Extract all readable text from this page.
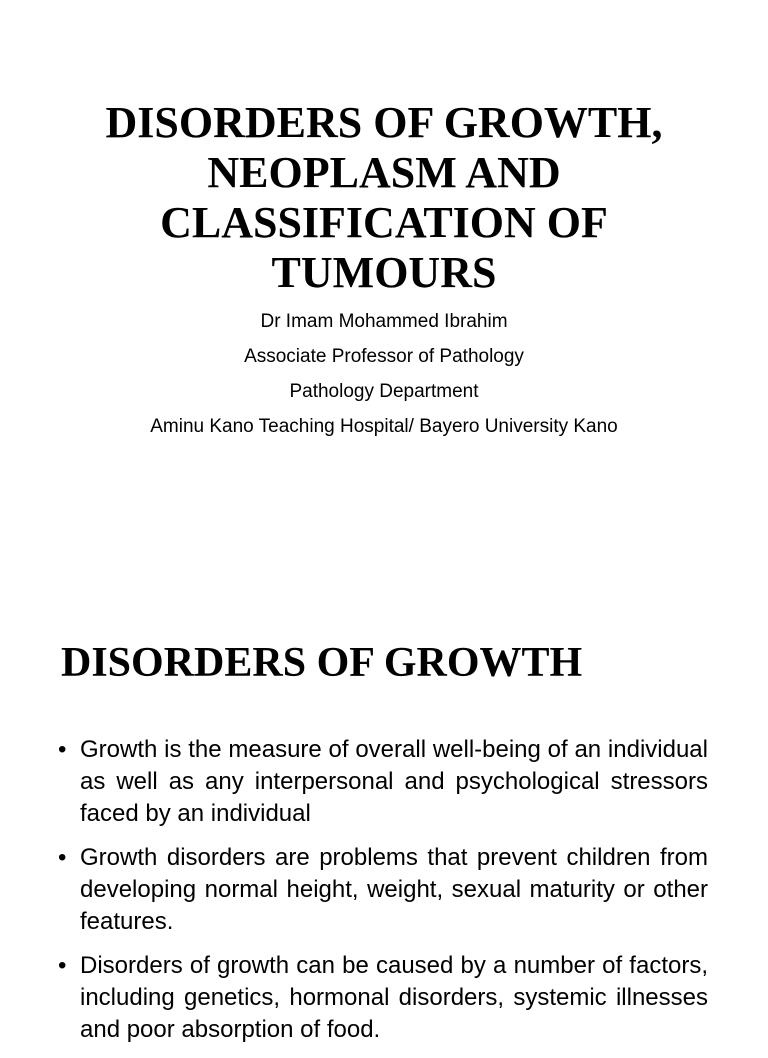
DISORDERS OF GROWTH,
NEOPLASM AND
CLASSIFICATION OF
TUMOURS
Dr Imam Mohammed Ibrahim
Associate Professor of Pathology
Pathology Department
Aminu Kano Teaching Hospital/ Bayero University Kano
DISORDERS OF GROWTH
• Growth is the measure of overall well-being of an individual as well as any interpersonal and psychological stressors faced by an individual
• Growth disorders are problems that prevent children from developing normal height, weight, sexual maturity or other features.
• Disorders of growth can be caused by a number of factors, including genetics, hormonal disorders, systemic illnesses and poor absorption of food.
